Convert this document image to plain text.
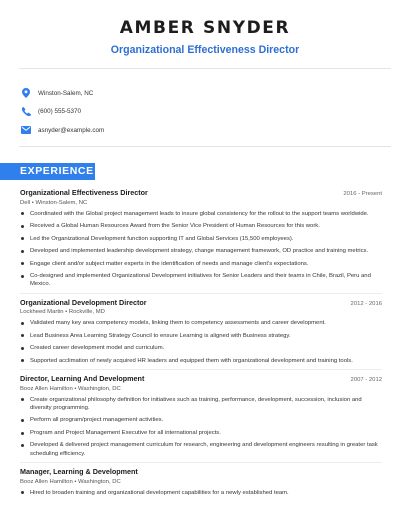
AMBER SNYDER
Organizational Effectiveness Director
Winston-Salem, NC
(600) 555-5370
asnyder@example.com
EXPERIENCE
Organizational Effectiveness Director	2016 - Present
Dell • Winston-Salem, NC
Coordinated with the Global project management leads to insure global consistency for the rollout to the support teams worldwide.
Received a Global Human Resources Award from the Senior Vice President of Human Resources for this work.
Led the Organizational Development function supporting IT and Global Services (15,500 employees).
Developed and implemented leadership development strategy, change management framework, OD practice and training metrics.
Engage client and/or subject matter experts in the identification of needs and manage client's expectations.
Co-designed and implemented Organizational Development initiatives for Senior Leaders and their teams in Chile, Brazil, Peru and Mexico.
Organizational Development Director	2012 - 2016
Lockheed Martin • Rockville, MD
Validated many key area competency models, linking them to competency assessments and career development.
Lead Business Area Learning Strategy Council to ensure Learning is aligned with Business strategy.
Created career development model and curriculum.
Supported acclimation of newly acquired HR leaders and equipped them with organizational development and training tools.
Director, Learning And Development	2007 - 2012
Booz Allen Hamilton • Washington, DC
Create organizational philosophy definition for initiatives such as training, performance, development, succession, inclusion and diversity programming.
Perform all program/project management activities.
Program and Project Management Executive for all international projects.
Developed & delivered project management curriculum for research, engineering and development engineers resulting in greater task scheduling efficiency.
Manager, Learning & Development
Booz Allen Hamilton • Washington, DC
Hired to broaden training and organizational development capabilities for a newly established team.
